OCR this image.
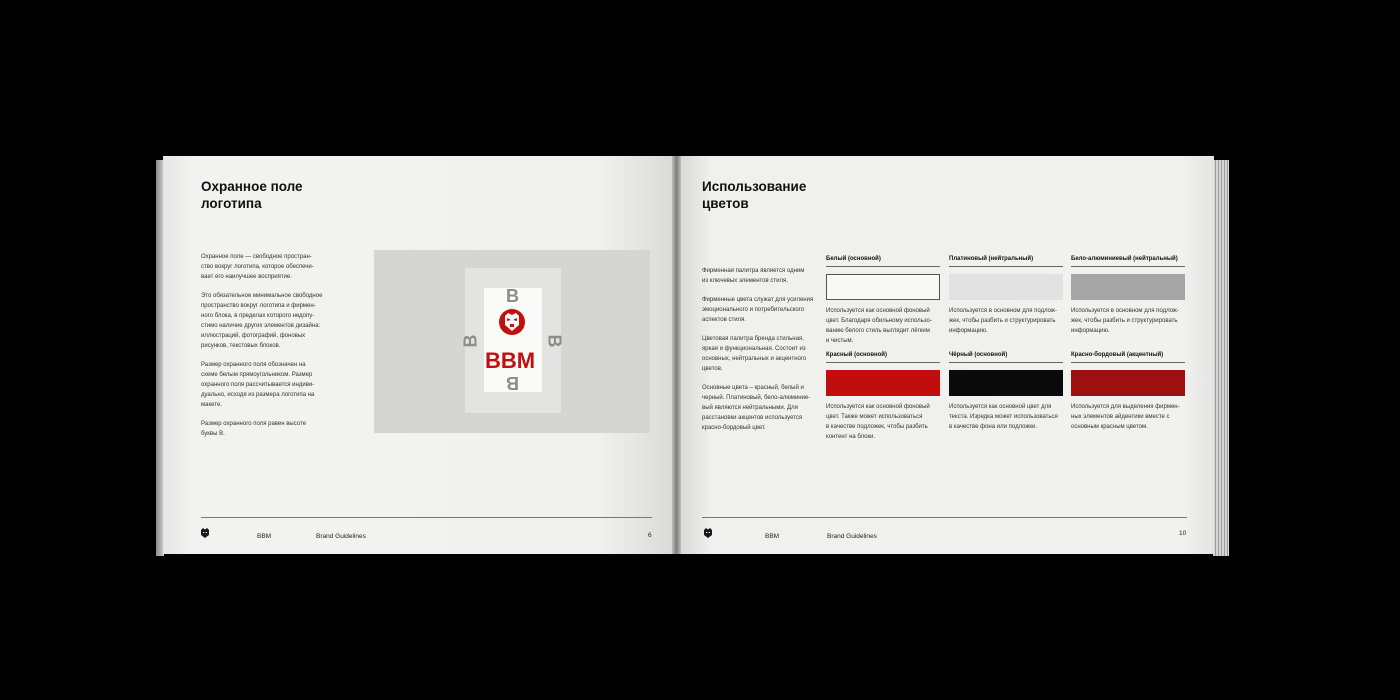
Охранное поле
логотипа

Охранное поле — свободное простран-
ство вокруг логотипа, которое обеспечи-
вает его наилучшее восприятие.

Это обязательное минимальное свободное
пространство вокруг логотипа и фирмен-
ного блока, в пределах которого недопу-
стимо наличие других элементов дизайна:
иллюстраций, фотографий, фоновых
рисунков, текстовых блоков.

Размер охранного поля обозначен на
схеме белым прямоугольником. Размер
охранного поля рассчитывается индиви-
дуально, исходя из размера логотипа на
макете.

Размер охранного поля равен высоте
буквы B.

BBM	Brand Guidelines	6
B
B
B	B
BBM
Использование
цветов

Фирменная палитра является одним
из ключевых элементов стиля.

Фирменные цвета служат для усиления
эмоционального и потребительского
аспектов стиля.

Цветовая палитра бренда стильная,
яркая и функциональная. Состоит из
основных, нейтральных и акцентного
цветов.

Основные цвета – красный, белый и
черный. Платиновый, бело-алюминие-
вый являются нейтральными. Для
расстановки акцентов используется
красно-бордовый цвет.

Белый (основной)
Используется как основной фоновый
цвет. Благодаря обильному использо-
ванию белого стиль выглядит лёгким
и чистым.
Платиновый (нейтральный)
Используется в основном для подлож-
жек, чтобы разбить и структурировать
информацию.
Бело-алюминиевый (нейтральный)
Используется в основном для подлож-
жек, чтобы разбить и структурировать
информацию.
Красный (основной)
Используется как основной фоновый
цвет. Также может использоваться
в качестве подложек, чтобы разбить
контент на блоки.
Чёрный (основной)
Используется как основной цвет для
текста. Изредка может использоваться
в качестве фона или подложки.
Красно-бордовый (акцентный)
Используется для выделения фирмен-
ных элементов айдентики вместе с
основным красным цветом.
BBM	Brand Guidelines	10
